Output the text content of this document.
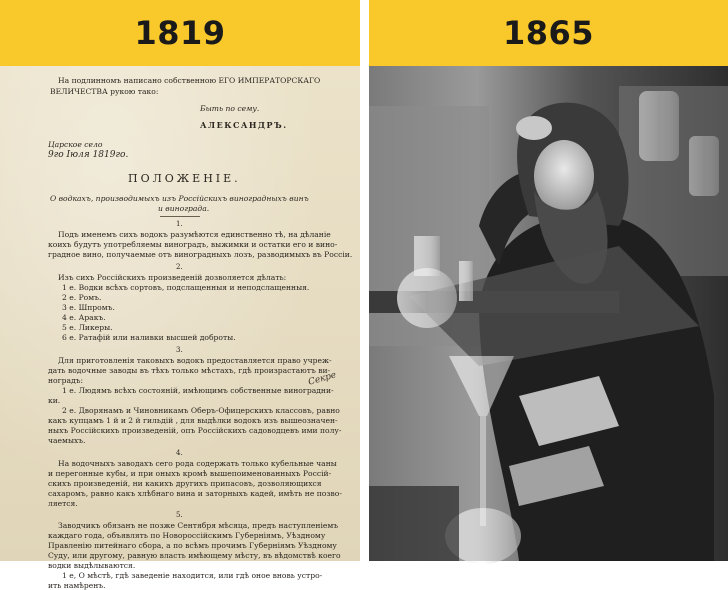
1819
На подлинномъ написано собственною ЕГО ИМПЕРАТОРСКАГО
ВЕЛИЧЕСТВА рукою тако:
Быть по сему.
АЛЕКСАНДРЪ.
Царское село
9го Іюля 1819го.
ПОЛОЖЕНІЕ.
О водкахъ, производимыхъ изъ Россійскихъ виноградныхъ винъ
и винограда.
1.
Подъ именемъ сихъ водокъ разумѣются единственно тѣ, на дѣланіе
коихъ будутъ употребляемы виноградъ, выжимки и остатки его и вино-
градное вино, получаемые отъ виноградныхъ лозъ, разводимыхъ въ Россіи.
2.
Изъ сихъ Россійскихъ произведеній дозволяется дѣлать:
1 е. Водки всѣхъ сортовъ, подслащенныя и неподслащенныя.
2 е. Ромъ.
3 е. Шпромъ.
4 е. Аракъ.
5 е. Ликеры.
6 е. Ратафій или наливки высшей доброты.
3.
Для приготовленія таковыхъ водокъ предоставляется право учреж-
дать водочные заводы въ тѣхъ только мѣстахъ, гдѣ произрастаютъ ви-
ноградъ:
1 е. Людямъ всѣхъ состояній, имѣющимъ собственные виноградни-
ки.
2 е. Дворянамъ и Чиновникамъ Оберъ-Офицерскихъ классовъ, равно
какъ купцамъ 1 й и 2 й гильдій , для выдѣлки водокъ изъ вышеозначен-
ныхъ Россійскихъ произведеній, опъ Россійскихъ садоводцевъ ими полу-
чаемыхъ.
4.
На водочныхъ заводахъ сего рода содержать только кубельные чаны
и перегонные кубы, и при оныхъ кромѣ вышепоименованныхъ Россій-
скихъ произведеній, ни какихъ другихъ припасовъ, дозволяющихся
сахаромъ, равно какъ хлѣбнаго вина и заторныхъ кадей, имѣть не позво-
ляется.
5.
Заводчикъ обязанъ не позже Сентября мѣсяца, предъ наступленіемъ
каждаго года, объявлять по Новороссійскимъ Губерніямъ, Уѣздному
Правленію питейнаго сбора, а по всѣмъ прочимъ Губерніямъ Уѣздному
Суду, или другому, равную власть имѣющему мѣсту, въ вѣдомствѣ коего
водки выдѣлываются.
1 е, О мѣстѣ, гдѣ заведеніе находится, или гдѣ оное вновь устро-
ить намѣренъ.
Секре
1865
